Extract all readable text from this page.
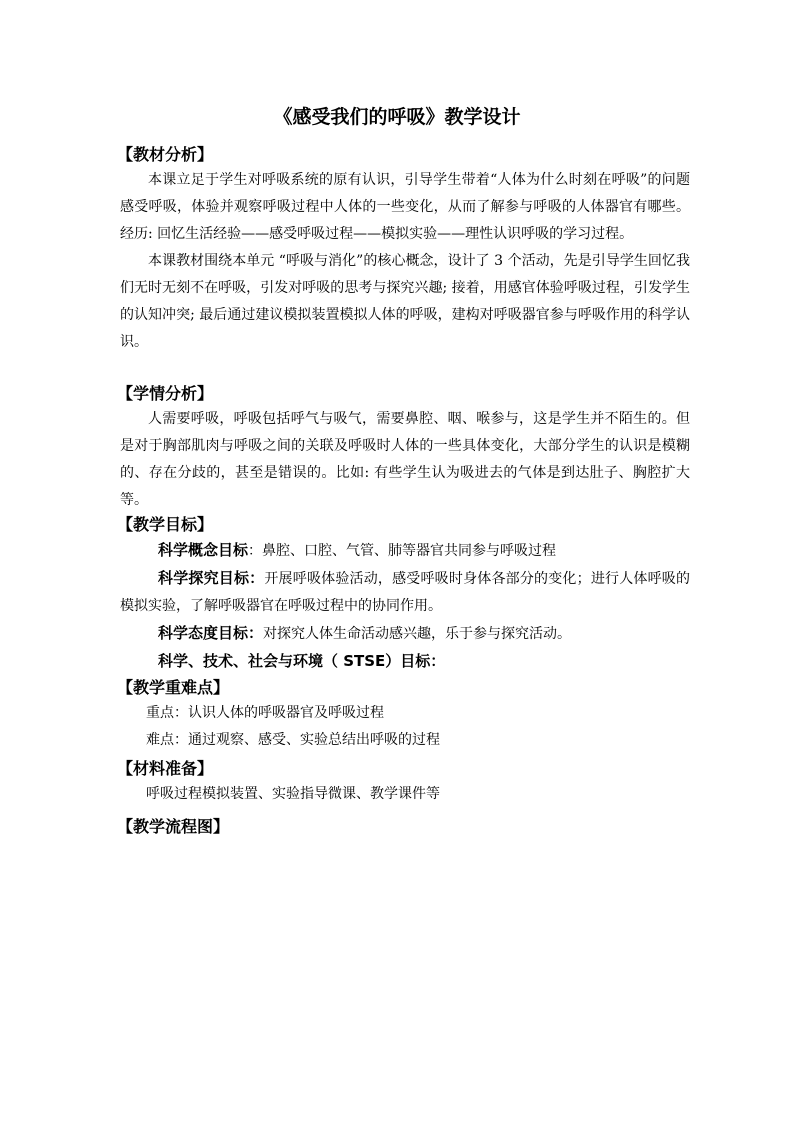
《感受我们的呼吸》教学设计
【教材分析】

本课立足于学生对呼吸系统的原有认识，引导学生带着“人体为什么时刻在呼吸”的问题感受呼吸，体验并观察呼吸过程中人体的一些变化，从而了解参与呼吸的人体器官有哪些。经历: 回忆生活经验——感受呼吸过程——模拟实验——理性认识呼吸的学习过程。

本课教材围绕本单元 “呼吸与消化”的核心概念，设计了 3 个活动，先是引导学生回忆我们无时无刻不在呼吸，引发对呼吸的思考与探究兴趣; 接着，用感官体验呼吸过程，引发学生的认知冲突; 最后通过建议模拟装置模拟人体的呼吸，建构对呼吸器官参与呼吸作用的科学认识。

【学情分析】

人需要呼吸，呼吸包括呼气与吸气，需要鼻腔、咽、喉参与，这是学生并不陌生的。但是对于胸部肌肉与呼吸之间的关联及呼吸时人体的一些具体变化，大部分学生的认识是模糊的、存在分歧的，甚至是错误的。比如: 有些学生认为吸进去的气体是到达肚子、胸腔扩大等。

【教学目标】

科学概念目标：鼻腔、口腔、气管、肺等器官共同参与呼吸过程

科学探究目标：开展呼吸体验活动，感受呼吸时身体各部分的变化；进行人体呼吸的模拟实验，了解呼吸器官在呼吸过程中的协同作用。

科学态度目标：对探究人体生命活动感兴趣，乐于参与探究活动。

科学、技术、社会与环境（ STSE）目标：

【教学重难点】

重点：认识人体的呼吸器官及呼吸过程

难点：通过观察、感受、实验总结出呼吸的过程

【材料准备】

呼吸过程模拟装置、实验指导微课、教学课件等

【教学流程图】
